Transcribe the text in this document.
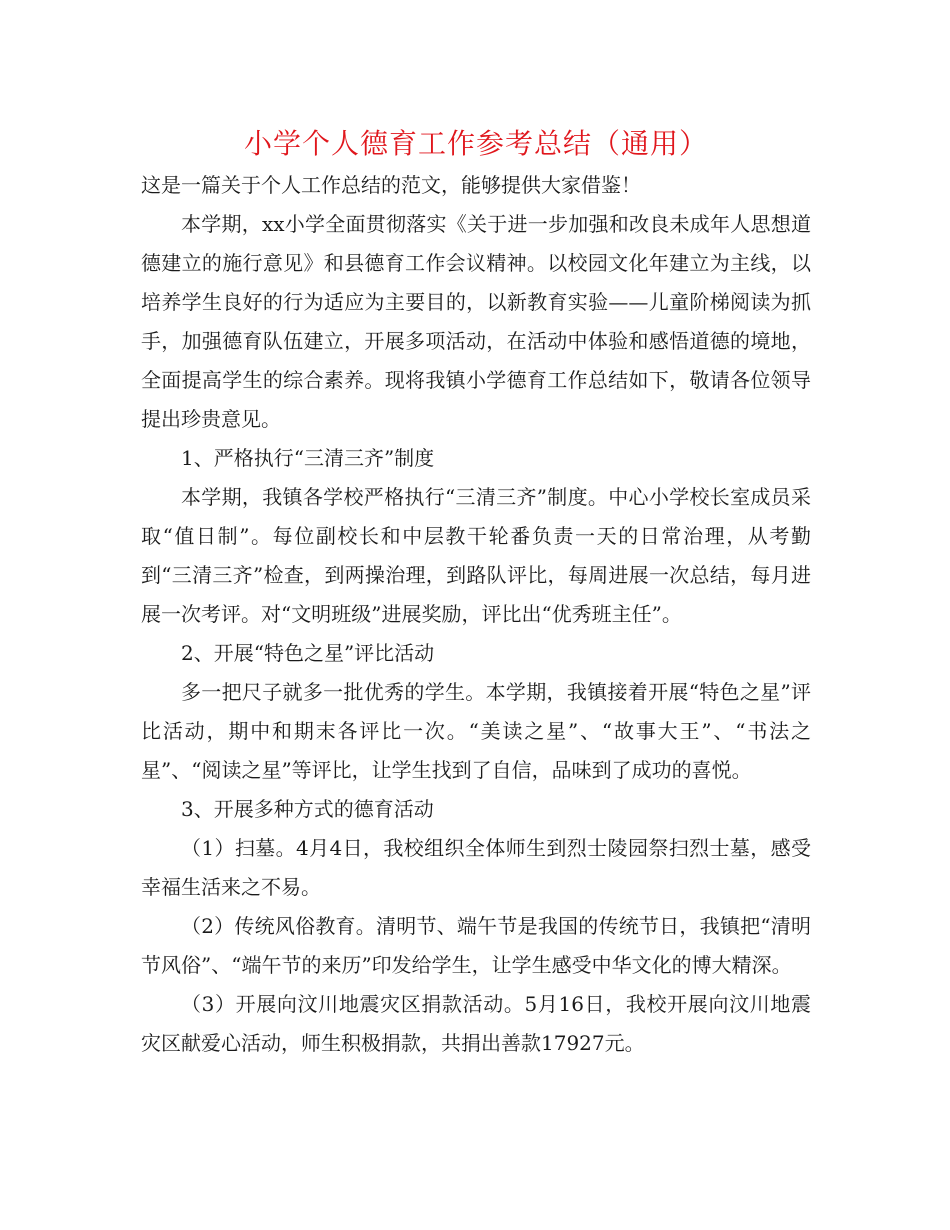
小学个人德育工作参考总结（通用）

这是一篇关于个人工作总结的范文，能够提供大家借鉴！

本学期，xx小学全面贯彻落实《关于进一步加强和改良未成年人思想道德建立的施行意见》和县德育工作会议精神。以校园文化年建立为主线，以培养学生良好的行为适应为主要目的，以新教育实验——儿童阶梯阅读为抓手，加强德育队伍建立，开展多项活动，在活动中体验和感悟道德的境地，全面提高学生的综合素养。现将我镇小学德育工作总结如下，敬请各位领导提出珍贵意见。

1、严格执行“三清三齐”制度

本学期，我镇各学校严格执行“三清三齐”制度。中心小学校长室成员采取“值日制”。每位副校长和中层教干轮番负责一天的日常治理，从考勤到“三清三齐”检查，到两操治理，到路队评比，每周进展一次总结，每月进展一次考评。对“文明班级”进展奖励，评比出“优秀班主任”。

2、开展“特色之星”评比活动

多一把尺子就多一批优秀的学生。本学期，我镇接着开展“特色之星”评比活动，期中和期末各评比一次。“美读之星”、“故事大王”、“书法之星”、“阅读之星”等评比，让学生找到了自信，品味到了成功的喜悦。

3、开展多种方式的德育活动

（1）扫墓。4月4日，我校组织全体师生到烈士陵园祭扫烈士墓，感受幸福生活来之不易。

（2）传统风俗教育。清明节、端午节是我国的传统节日，我镇把“清明节风俗”、“端午节的来历”印发给学生，让学生感受中华文化的博大精深。

（3）开展向汶川地震灾区捐款活动。5月16日，我校开展向汶川地震灾区献爱心活动，师生积极捐款，共捐出善款17927元。
